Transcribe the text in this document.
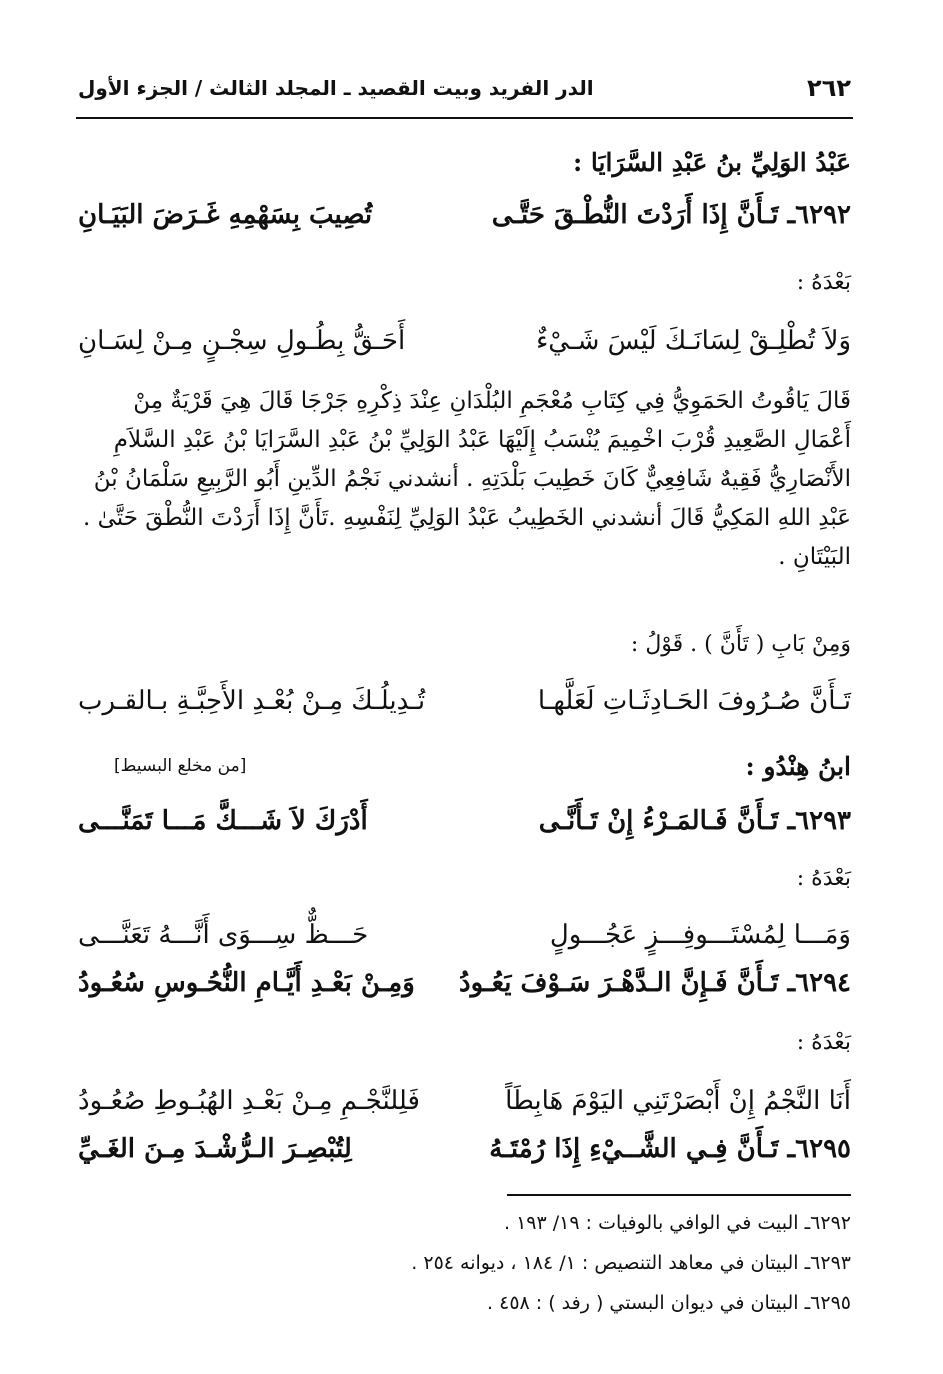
٢٦٢
الدر الفريد وبيت القصيد ـ المجلد الثالث / الجزء الأول
عَبْدُ الوَلِيِّ بنُ عَبْدِ السَّرَايَا :
٦٢٩٢ـ تَـأَنَّ إِذَا أَرَدْتَ النُّطْـقَ حَتَّـى
تُصِيبَ بِسَهْمِهِ غَـرَضَ البَيَـانِ
بَعْدَهُ :
وَلاَ تُطْلِـقْ لِسَانَـكَ لَيْسَ شَـيْءٌ
أَحَـقُّ بِطُـولِ سِجْـنٍ مِـنْ لِسَـانِ
قَالَ يَاقُوتُ الحَمَوِيُّ فِي كِتَابِ مُعْجَمِ البُلْدَانِ عِنْدَ ذِكْرِهِ جَرْجَا قَالَ هِيَ قَرْيَةٌ مِنْ
أَعْمَالِ الصَّعِيدِ قُرْبَ اخْمِيمَ يُنْسَبُ إِلَيْهَا عَبْدُ الوَلِيِّ بْنُ عَبْدِ السَّرَايَا بْنُ عَبْدِ السَّلاَمِ
الأَنْصَارِيُّ فَقِيهٌ شَافِعِيٌّ كَانَ خَطِيبَ بَلْدَتِهِ . أنشدني نَجْمُ الدِّينِ أَبُو الرَّبِيعِ سَلْمَانُ بْنُ
عَبْدِ اللهِ المَكِيُّ قَالَ أنشدني الخَطِيبُ عَبْدُ الوَلِيِّ لِنَفْسِهِ .تَأَنَّ إِذَا أَرَدْتَ النُّطْقَ حَتَّىٰ .
البَيْتَانِ .
وَمِنْ بَابِ ( تَأَنَّ ) . قَوْلُ :
تَـأَنَّ صُـرُوفَ الحَـادِثَـاتِ لَعَلَّهـا
تُـدِيلُـكَ مِـنْ بُعْـدِ الأَحِبَّـةِ بـالقـرب
ابنُ هِنْدُو :
[من مخلع البسيط]
٦٢٩٣ـ تَـأَنَّ فَـالمَـرْءُ إِنْ تَـأَنَّـى
أَدْرَكَ لاَ شَـــكَّ مَـــا تَمَنَّـــى
بَعْدَهُ :
وَمَـــا لِمُسْتَـــوفِـــزٍ عَجُـــولٍ
حَـــظٌّ سِـــوَى أَنَّـــهُ تَعَنَّـــى
٦٢٩٤ـ تَـأَنَّ فَـإِنَّ الـدَّهْـرَ سَـوْفَ يَعُـودُ
وَمِـنْ بَعْـدِ أَيَّـامِ النُّحُـوسِ سُعُـودُ
بَعْدَهُ :
أَنَا النَّجْمُ إِنْ أَبْصَرْتَنِي اليَوْمَ هَابِطَاً
فَلِلنَّجْـمِ مِـنْ بَعْـدِ الهُبُـوطِ صُعُـودُ
٦٢٩٥ـ تَـأَنَّ فِـي الشَّــيْءِ إِذَا رُمْتَـهُ
لِتُبْصِـرَ الـرُّشْـدَ مِـنَ الغَـيِّ
٦٢٩٢ـ البيت في الوافي بالوفيات : ١٩/ ١٩٣ .
٦٢٩٣ـ البيتان في معاهد التنصيص : ١/ ١٨٤ ، ديوانه ٢٥٤ .
٦٢٩٥ـ البيتان في ديوان البستي ( رفد ) : ٤٥٨ .
